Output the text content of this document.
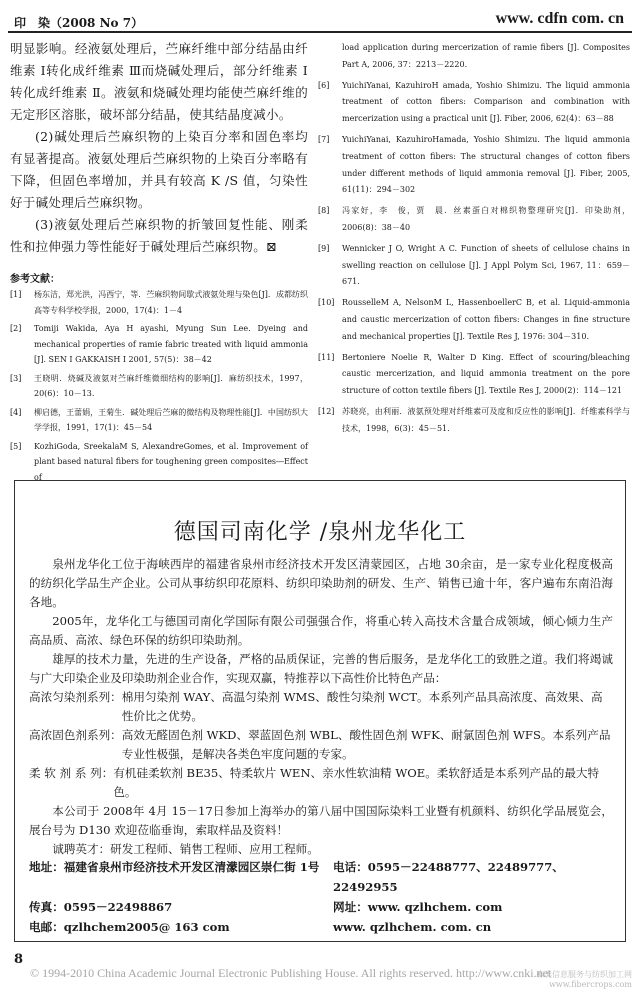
印　染（2008 No 7）	www. cdfn com. cn

明显影响。经液氨处理后，苎麻纤维中部分结晶由纤维素 Ⅰ转化成纤维素 Ⅲ而烧碱处理后，部分纤维素 Ⅰ转化成纤维素 Ⅱ。液氨和烧碱处理均能使苎麻纤维的无定形区溶胀，破坏部分结晶，使其结晶度减小。

(2)碱处理后苎麻织物的上染百分率和固色率均有显著提高。液氨处理后苎麻织物的上染百分率略有下降，但固色率增加，并具有较高 K /S 值，匀染性好于碱处理后苎麻织物。

(3)液氨处理后苎麻织物的折皱回复性能、刚柔性和拉伸强力等性能好于碱处理后苎麻织物。⊠

参考文献：
[1]	杨东洁，郑光洪，冯西宁，等．苎麻织物间歇式液氨处理与染色[J]．成都纺织高等专科学校学报，2000，17(4)：1－4
[2]	Tomiji Wakida, Aya H ayashi, Myung Sun Lee. Dyeing and mechanical properties of ramie fabric treated with liquid ammonia [J]. SEN I GAKKAISH I 2001, 57(5)：38－42
[3]	王晓明．烧碱及液氨对苎麻纤维微细结构的影响[J]．麻纺织技术，1997，20(6)：10－13.
[4]	柳启德，王蕾娟，王菊生．碱处理后苎麻的微结构及物理性能[J]．中国纺织大学学报，1991，17(1)：45－54
[5]	KozhiGoda, SreekalaM S, AlexandreGomes, et al. Improvement of plant based natural fibers for toughening green composites―Effect of
load application during mercerization of ramie fibers [J]. Composites Part A, 2006, 37：2213－2220.
[6]	YuichiYanai, KazuhiroH amada, Yoshio Shimizu. The liquid ammonia treatment of cotton fibers: Comparison and combination with mercerization using a practical unit [J]. Fiber, 2006, 62(4)：63－88
[7]	YuichiYanai, KazuhiroHamada, Yoshio Shimizu. The liquid ammonia treatment of cotton fibers: The structural changes of cotton fibers under different methods of liquid ammonia removal [J]. Fiber, 2005, 61(11)：294－302
[8]	冯家好，李　俊，贾　晨．丝素蛋白对棉织物整理研究[J]．印染助剂，2006(8)：38－40
[9]	Wennicker J O, Wright A C. Function of sheets of cellulose chains in swelling reaction on cellulose [J]. J Appl Polym Sci, 1967, 11：659－671.
[10] RousselleM A, NelsonM L, HassenboellerC B, et al. Liquid-ammonia and caustic mercerization of cotton fibers: Changes in fine structure and mechanical properties [J]. Textile Res J, 1976: 304－310.
[11] Bertoniere Noelie R, Walter D King. Effect of scouring/bleaching caustic mercerization, and liquid ammonia treatment on the pore structure of cotton textile fibers [J]. Textile Res J, 2000(2)：114－121
[12] 苏晓亮，由利丽．液氨预处理对纤维素可及度和反应性的影响[J]．纤维素科学与技术，1998，6(3)：45－51.
德国司南化学 /泉州龙华化工

泉州龙华化工位于海峡西岸的福建省泉州市经济技术开发区清蒙园区，占地 30余亩，是一家专业化程度极高的纺织化学品生产企业。公司从事纺织印花原料、纺织印染助剂的研发、生产、销售已逾十年，客户遍布东南沿海各地。

2005年，龙华化工与德国司南化学国际有限公司强强合作，将重心转入高技术含量合成领域，倾心倾力生产高品质、高浓、绿色环保的纺织印染助剂。

雄厚的技术力量，先进的生产设备，严格的品质保证，完善的售后服务，是龙华化工的致胜之道。我们将竭诚与广大印染企业及印染助剂企业合作，实现双赢，特推荐以下高性价比特色产品：

高浓匀染剂系列： 棉用匀染剂 WAY、高温匀染剂 WMS、酸性匀染剂 WCT。本系列产品具高浓度、高效果、高性价比之优势。
高浓固色剂系列： 高效无醛固色剂 WKD、翠蓝固色剂 WBL、酸性固色剂 WFK、耐氯固色剂 WFS。本系列产品专业性极强，是解决各类色牢度问题的专家。
柔 软 剂 系 列： 有机硅柔软剂 BE35、特柔软片 WEN、亲水性软油精 WOE。柔软舒适是本系列产品的最大特色。

本公司于 2008年 4月 15－17日参加上海举办的第八届中国国际染料工业暨有机颜料、纺织化学品展览会，展台号为 D130 欢迎莅临垂询，索取样品及资料！

诚聘英才：研发工程师、销售工程师、应用工程师。

地址：福建省泉州市经济技术开发区清濛园区崇仁街 1号	电话：0595－22488777、22489777、22492955
传真：0595－22498867	网址：www. qzlhchem. com
电邮：qzlhchem2005@ 163 com	www. qzlhchem. com. cn
8
© 1994-2010 China Academic Journal Electronic Publishing House. All rights reserved. http://www.cnki.net
麻类信息服务与纺织加工网
www.fibercrops.com
